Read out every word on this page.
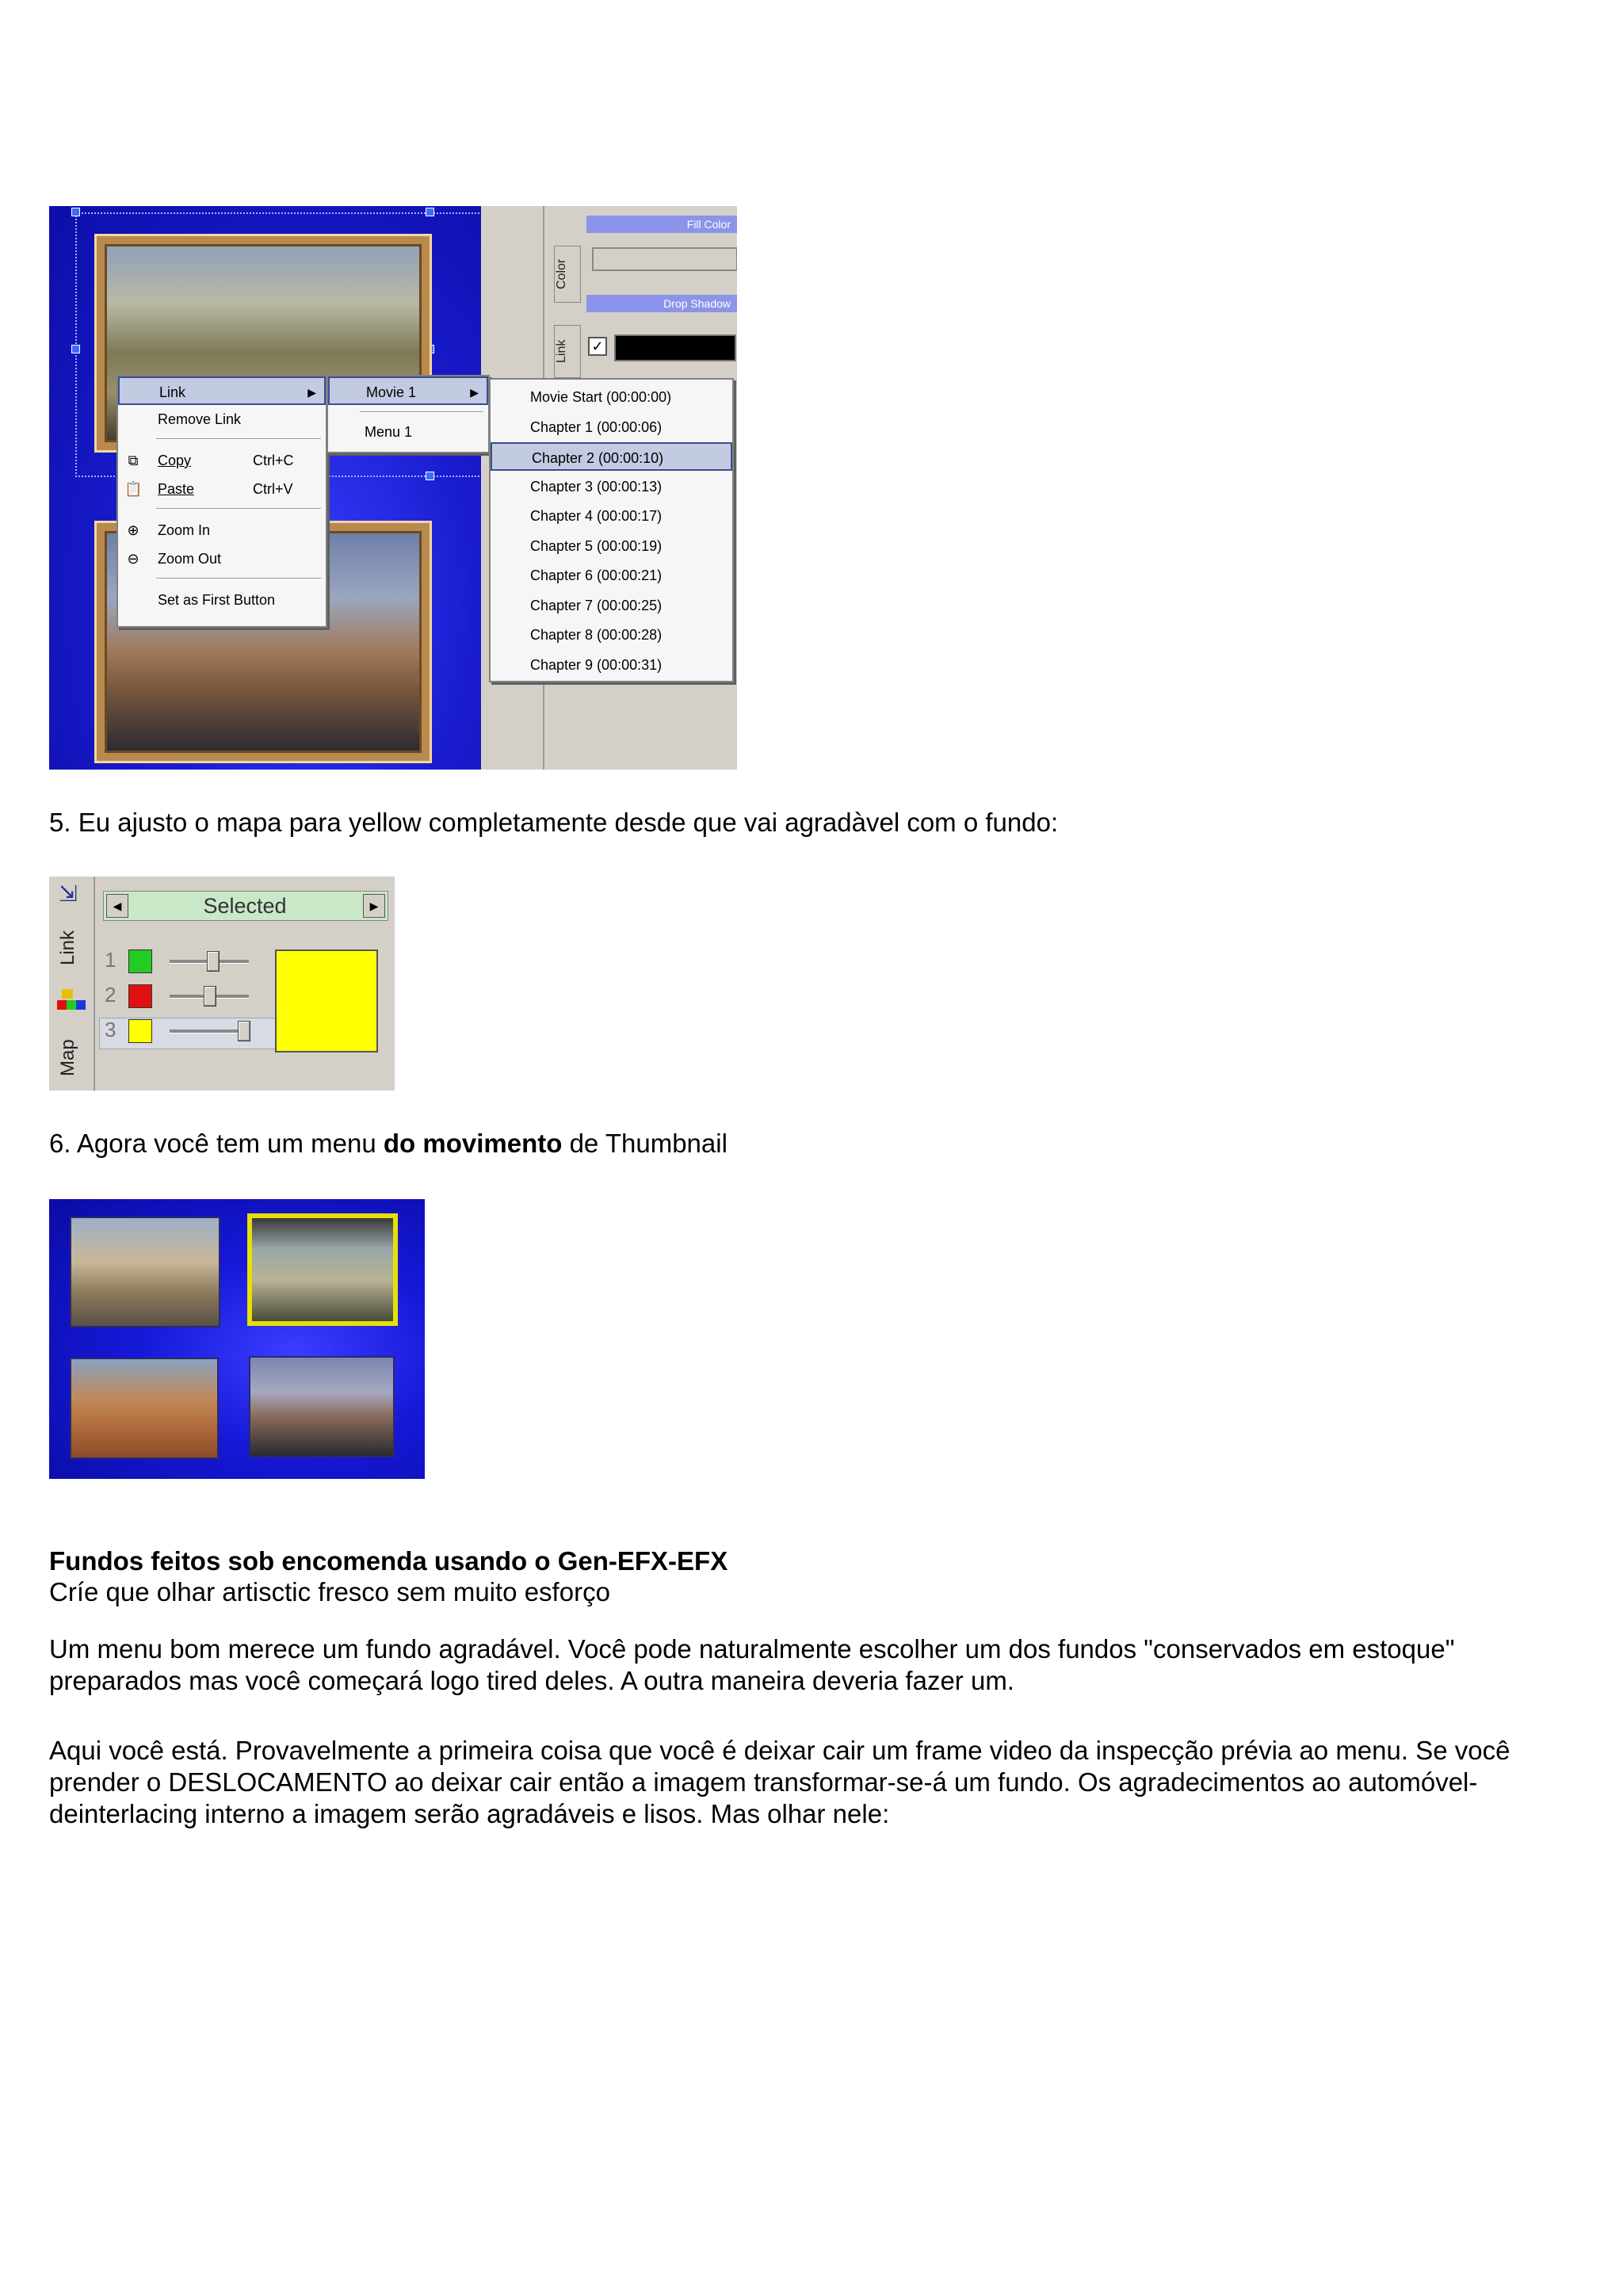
Color
Link
Fill Color
Drop Shadow
✓
Link	▶
Remove Link
⧉ Copy	Ctrl+C
📋 Paste	Ctrl+V
⊕ Zoom In
⊖ Zoom Out
Set as First Button
Movie 1	▶
Menu 1
Movie Start (00:00:00)
Chapter 1 (00:00:06)
Chapter 2 (00:00:10)
Chapter 3 (00:00:13)
Chapter 4 (00:00:17)
Chapter 5 (00:00:19)
Chapter 6 (00:00:21)
Chapter 7 (00:00:25)
Chapter 8 (00:00:28)
Chapter 9 (00:00:31)

5. Eu ajusto o mapa para yellow completamente desde que vai agradàvel com o fundo:

⇲
Link
Map
◀	▶
Selected
1
2
3

6. Agora você tem um menu do movimento de Thumbnail

Fundos feitos sob encomenda usando o Gen-EFX-EFX

Críe que olhar artisctic fresco sem muito esforço

Um menu bom merece um fundo agradável. Você pode naturalmente escolher um dos fundos "conservados em estoque" preparados mas você começará logo tired deles. A outra maneira deveria fazer um.

Aqui você está. Provavelmente a primeira coisa que você é deixar cair um frame video da inspecção prévia ao menu. Se você prender o DESLOCAMENTO ao deixar cair então a imagem transformar-se-á um fundo. Os agradecimentos ao automóvel-deinterlacing interno a imagem serão agradáveis e lisos. Mas olhar nele:
